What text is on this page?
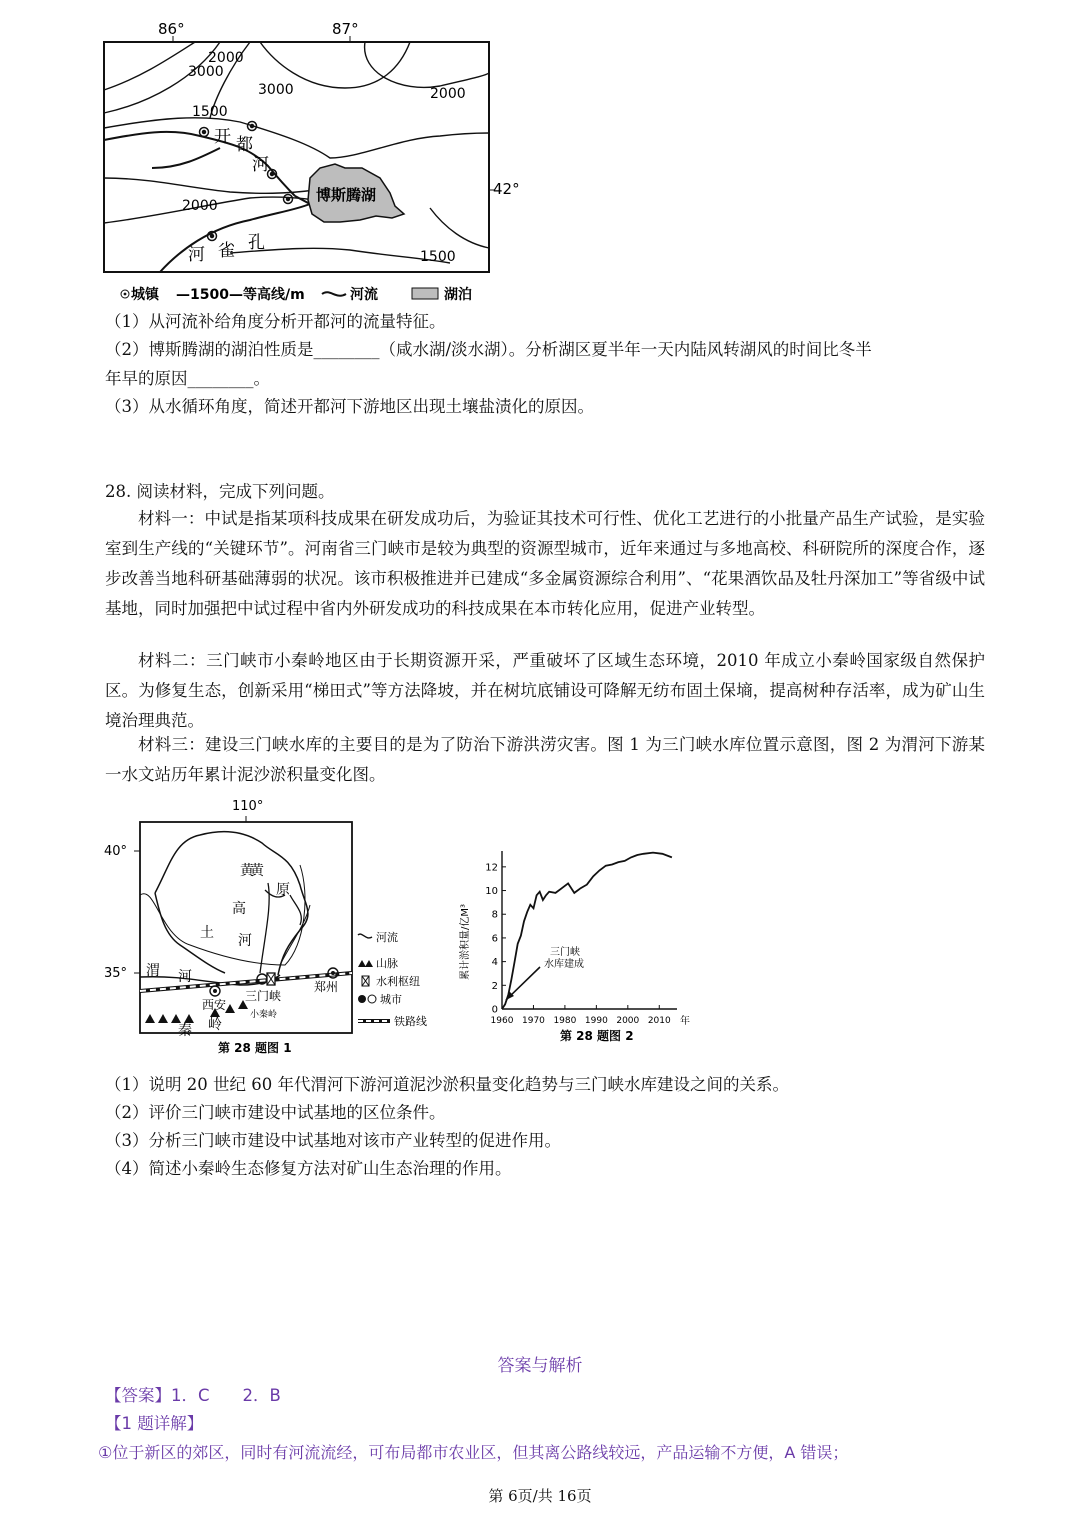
86°	87°
42°
博斯腾湖
3000
2000
3000	2000
1500
2000
1500
开 都
河
河 雀 孔
城镇 —1500— 等高线/m	河流	湖泊
（1）从河流补给角度分析开都河的流量特征。
（2）博斯腾湖的湖泊性质是________（咸水湖/淡水湖）。分析湖区夏半年一天内陆风转湖风的时间比冬半
年早的原因________。
（3）从水循环角度，简述开都河下游地区出现土壤盐渍化的原因。
28. 阅读材料，完成下列问题。
材料一：中试是指某项科技成果在研发成功后，为验证其技术可行性、优化工艺进行的小批量产品生产试验，是实验室到生产线的“关键环节”。河南省三门峡市是较为典型的资源型城市，近年来通过与多地高校、科研院所的深度合作，逐步改善当地科研基础薄弱的状况。该市积极推进并已建成“多金属资源综合利用”、“花果酒饮品及牡丹深加工”等省级中试基地，同时加强把中试过程中省内外研发成功的科技成果在本市转化应用，促进产业转型。
材料二：三门峡市小秦岭地区由于长期资源开采，严重破坏了区域生态环境，2010 年成立小秦岭国家级自然保护区。为修复生态，创新采用“梯田式”等方法降坡，并在树坑底铺设可降解无纺布固土保墒，提高树种存活率，成为矿山生境治理典范。
材料三：建设三门峡水库的主要目的是为了防治下游洪涝灾害。图 1 为三门峡水库位置示意图，图 2 为渭河下游某一水文站历年累计泥沙淤积量变化图。
110°
40°
35°
黄
土
高
原
黄
河
渭 河
西安
三门峡
郑州
秦 岭
小秦岭
河流
山脉
水利枢纽
城市
铁路线
第 28 题图 1
0
2
4
6
8
10
12
1960 1970 1980 1990 2000 2010
三门峡
水库建成
累计淤积量/亿M³
年
第 28 题图 2
（1）说明 20 世纪 60 年代渭河下游河道泥沙淤积量变化趋势与三门峡水库建设之间的关系。
（2）评价三门峡市建设中试基地的区位条件。
（3）分析三门峡市建设中试基地对该市产业转型的促进作用。
（4）简述小秦岭生态修复方法对矿山生态治理的作用。
答案与解析
【答案】1．C　　2．B
【1 题详解】
①位于新区的郊区，同时有河流流经，可布局都市农业区，但其离公路线较远，产品运输不方便，A 错误；
第 6页/共 16页
